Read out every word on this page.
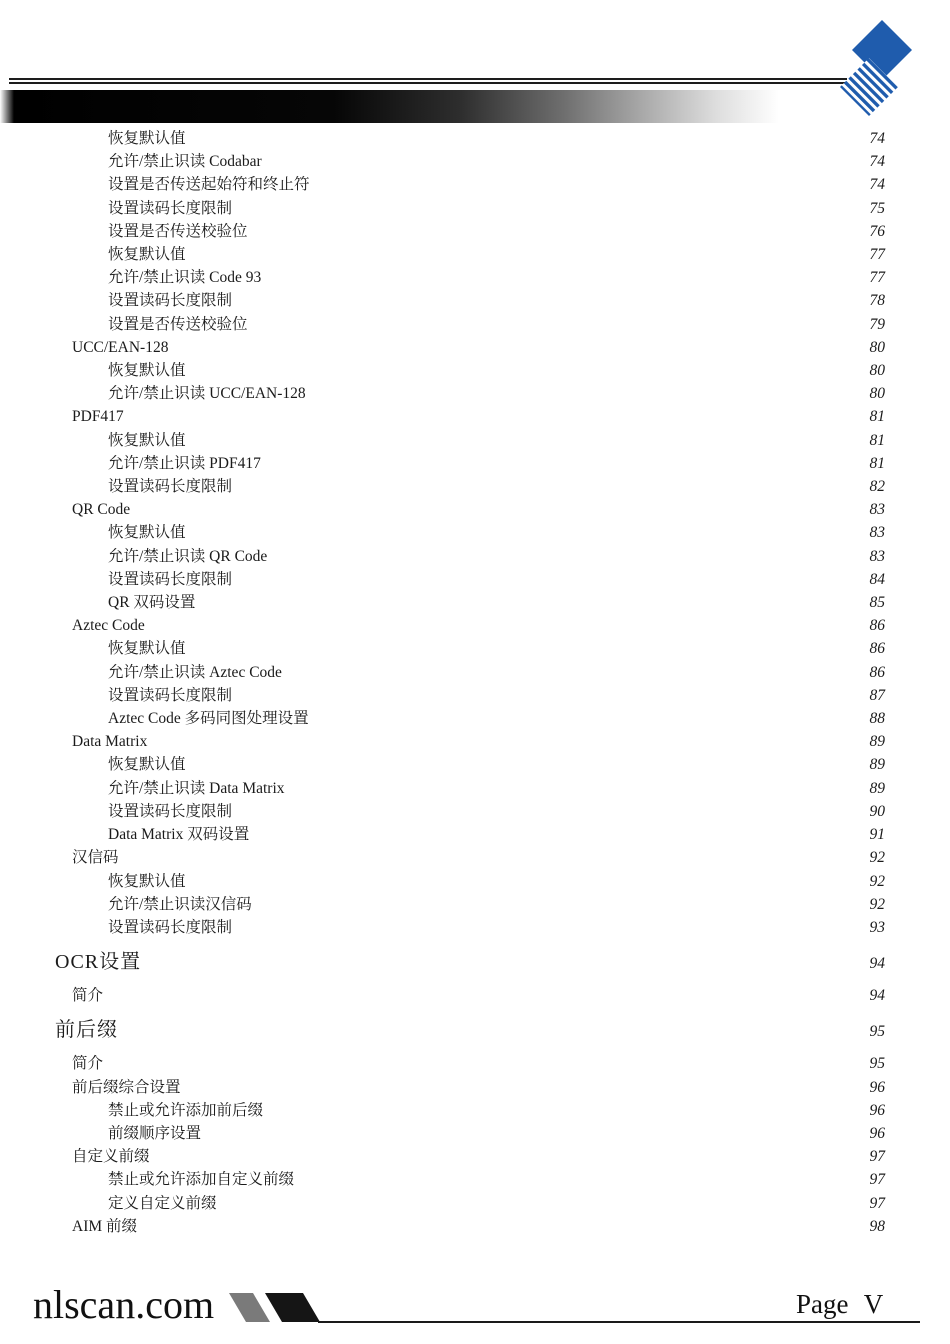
恢复默认值	74
允许/禁止识读 Codabar	74
设置是否传送起始符和终止符	74
设置读码长度限制	75
设置是否传送校验位	76
恢复默认值	77
允许/禁止识读 Code 93	77
设置读码长度限制	78
设置是否传送校验位	79
UCC/EAN-128	80
恢复默认值	80
允许/禁止识读 UCC/EAN-128	80
PDF417	81
恢复默认值	81
允许/禁止识读 PDF417	81
设置读码长度限制	82
QR Code	83
恢复默认值	83
允许/禁止识读 QR Code	83
设置读码长度限制	84
QR 双码设置	85
Aztec Code	86
恢复默认值	86
允许/禁止识读 Aztec Code	86
设置读码长度限制	87
Aztec Code 多码同图处理设置	88
Data Matrix	89
恢复默认值	89
允许/禁止识读 Data Matrix	89
设置读码长度限制	90
Data Matrix 双码设置	91
汉信码	92
恢复默认值	92
允许/禁止识读汉信码	92
设置读码长度限制	93
OCR设置	94
简介	94
前后缀	95
简介	95
前后缀综合设置	96
禁止或允许添加前后缀	96
前缀顺序设置	96
自定义前缀	97
禁止或允许添加自定义前缀	97
定义自定义前缀	97
AIM 前缀	98
nlscan.com	Page V
